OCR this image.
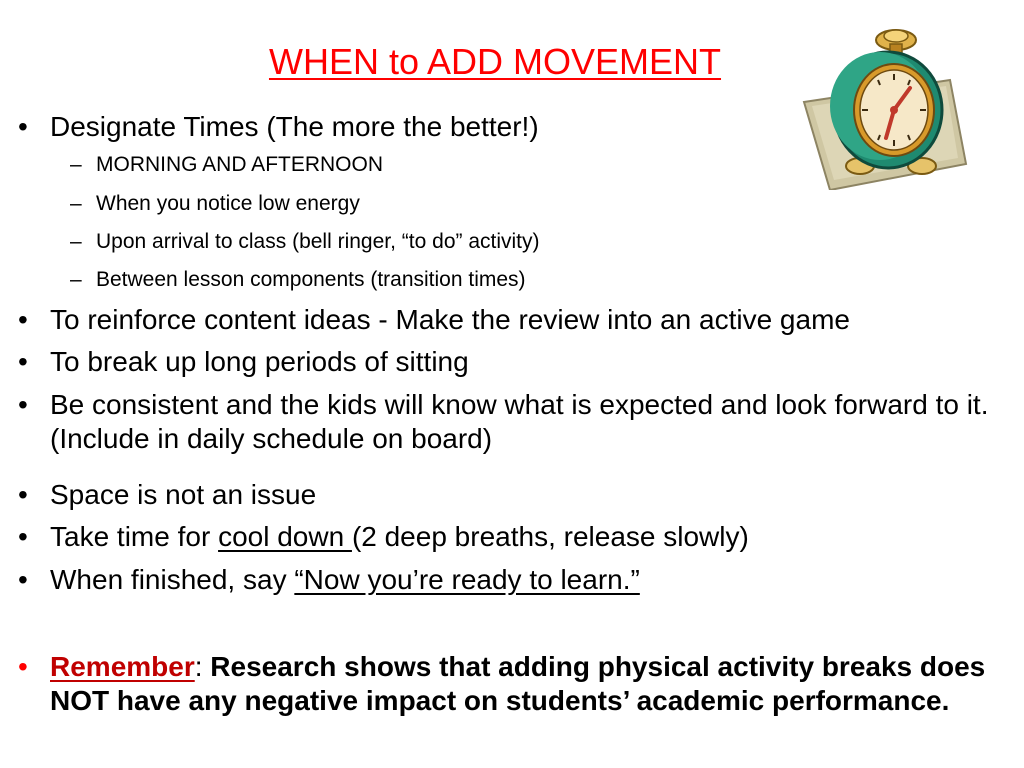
WHEN to ADD MOVEMENT
• Designate Times (The more the better!)
– MORNING AND AFTERNOON
– When you notice low energy
– Upon arrival to class (bell ringer, “to do” activity)
– Between lesson components (transition times)
• To reinforce content ideas - Make the review into an active game
• To break up long periods of sitting
• Be consistent and the kids will know what is expected and look forward to it. (Include in daily schedule on board)
• Space is not an issue
• Take time for cool down (2 deep breaths, release slowly)
• When finished, say “Now you’re ready to learn.”
• Remember: Research shows that adding physical activity breaks does NOT have any negative impact on students’ academic performance.
